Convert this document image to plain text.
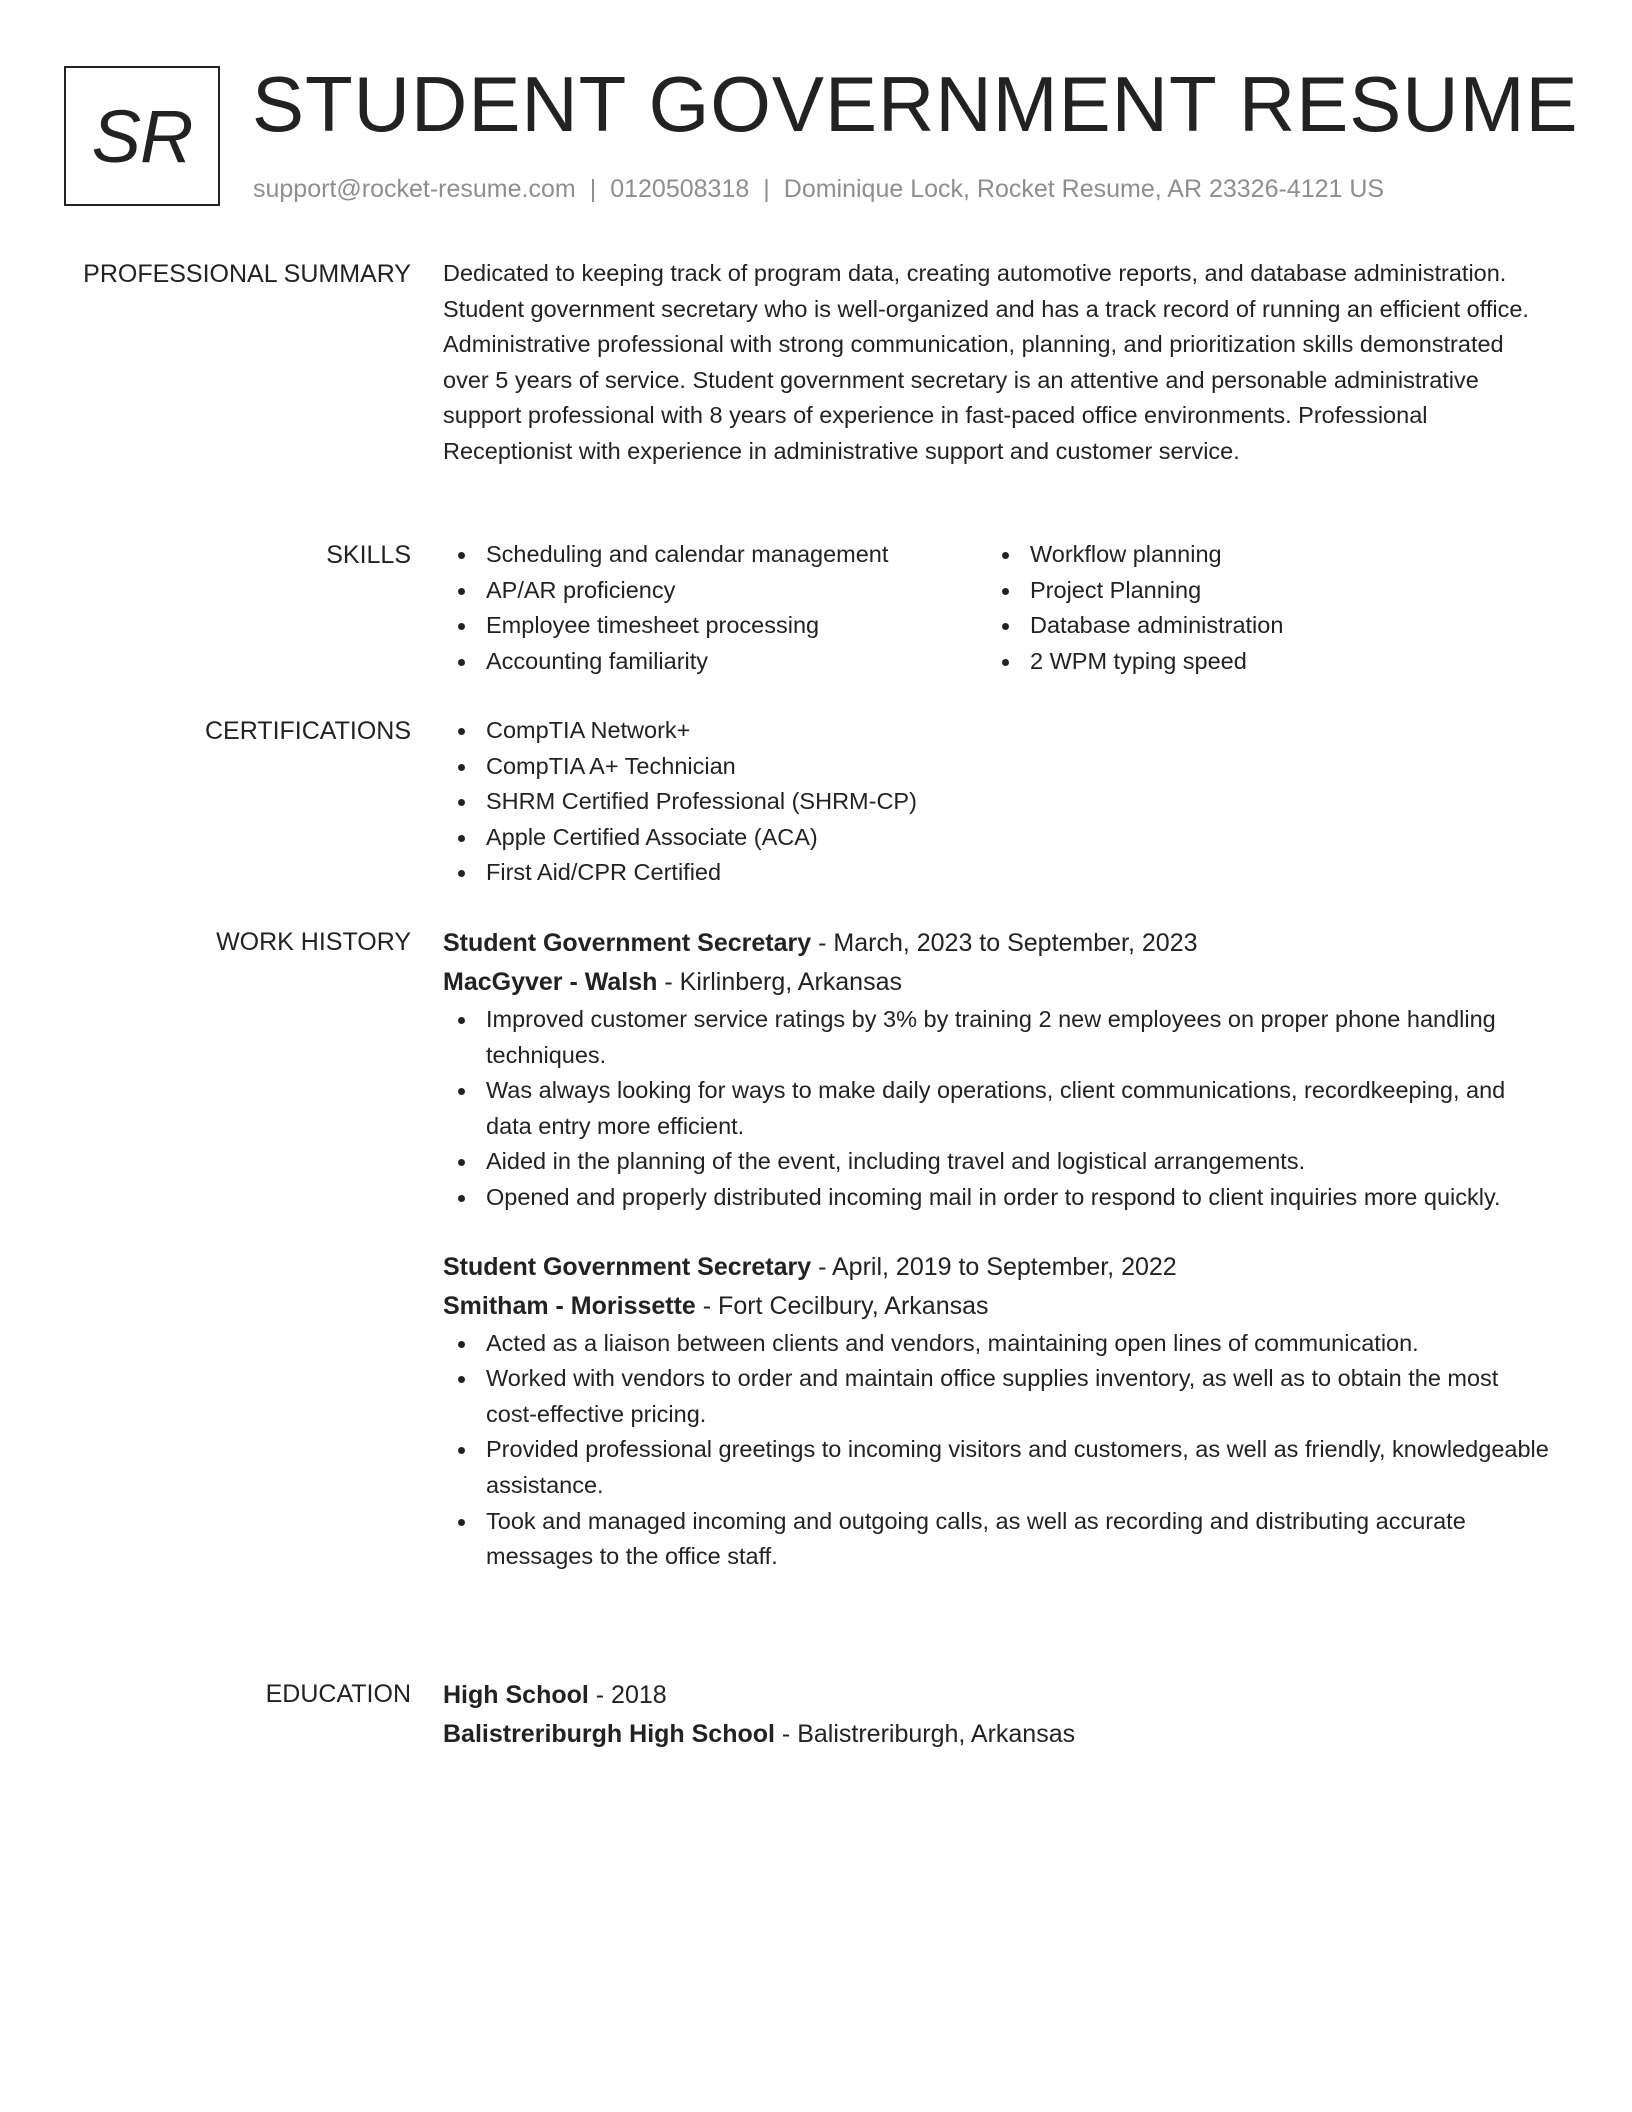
SR STUDENT GOVERNMENT RESUME
support@rocket-resume.com | 0120508318 | Dominique Lock, Rocket Resume, AR 23326-4121 US
PROFESSIONAL SUMMARY Dedicated to keeping track of program data, creating automotive reports, and database administration. Student government secretary who is well-organized and has a track record of running an efficient office. Administrative professional with strong communication, planning, and prioritization skills demonstrated over 5 years of service. Student government secretary is an attentive and personable administrative support professional with 8 years of experience in fast-paced office environments. Professional Receptionist with experience in administrative support and customer service.

SKILLS	Scheduling and calendar management
AP/AR proficiency
Employee timesheet processing
Accounting familiarity
Workflow planning
Project Planning
Database administration
2 WPM typing speed
CERTIFICATIONS	CompTIA Network+
CompTIA A+ Technician
SHRM Certified Professional (SHRM-CP)
Apple Certified Associate (ACA)
First Aid/CPR Certified
WORK HISTORY Student Government Secretary - March, 2023 to September, 2023
MacGyver - Walsh - Kirlinberg, Arkansas
Improved customer service ratings by 3% by training 2 new employees on proper phone handling techniques.
Was always looking for ways to make daily operations, client communications, recordkeeping, and data entry more efficient.
Aided in the planning of the event, including travel and logistical arrangements.
Opened and properly distributed incoming mail in order to respond to client inquiries more quickly.
Student Government Secretary - April, 2019 to September, 2022
Smitham - Morissette - Fort Cecilbury, Arkansas
Acted as a liaison between clients and vendors, maintaining open lines of communication.
Worked with vendors to order and maintain office supplies inventory, as well as to obtain the most cost-effective pricing.
Provided professional greetings to incoming visitors and customers, as well as friendly, knowledgeable assistance.
Took and managed incoming and outgoing calls, as well as recording and distributing accurate messages to the office staff.
EDUCATION High School - 2018
Balistreriburgh High School - Balistreriburgh, Arkansas
